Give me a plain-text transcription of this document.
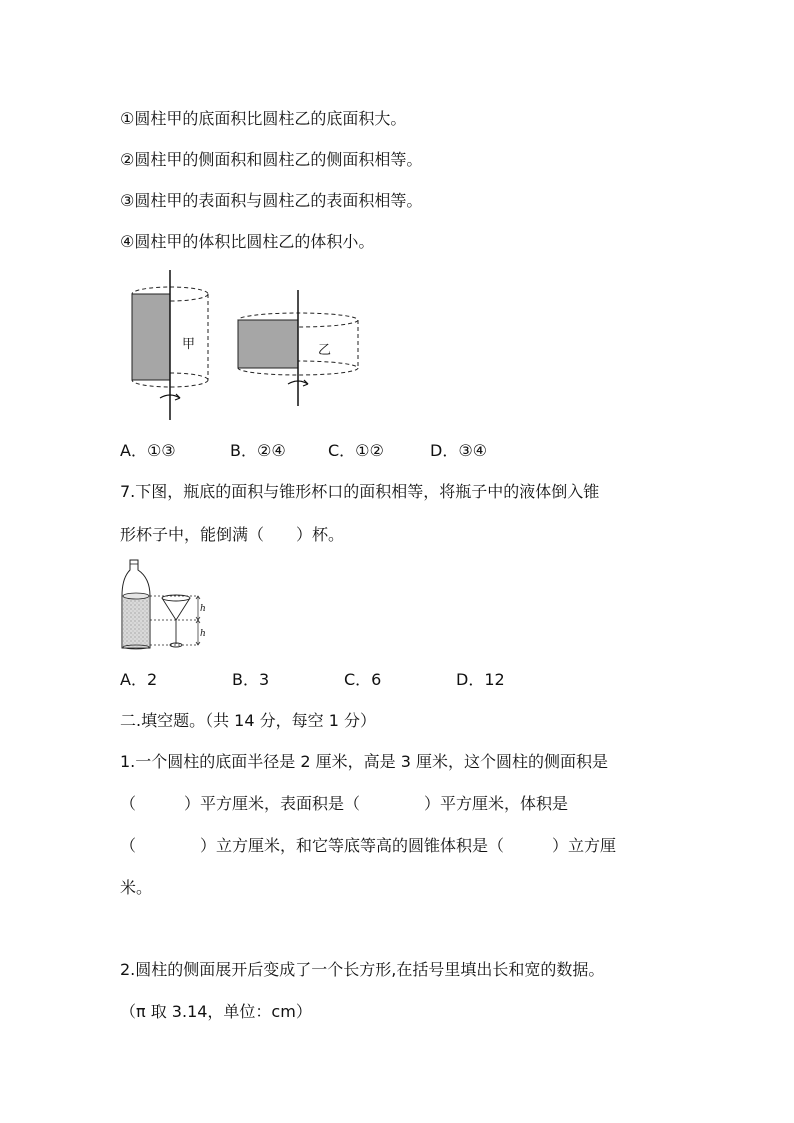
①圆柱甲的底面积比圆柱乙的底面积大。
②圆柱甲的侧面积和圆柱乙的侧面积相等。
③圆柱甲的表面积与圆柱乙的表面积相等。
④圆柱甲的体积比圆柱乙的体积小。
甲	乙
A．①③	B．②④	C．①②	D．③④
7.下图，瓶底的面积与锥形杯口的面积相等，将瓶子中的液体倒入锥
形杯子中，能倒满（　　）杯。
h
h
A．2	B．3	C．6	D．12
二.填空题。（共 14 分，每空 1 分）
1.一个圆柱的底面半径是 2 厘米，高是 3 厘米，这个圆柱的侧面积是
（　　　）平方厘米，表面积是（　　　　）平方厘米，体积是
（　　　　）立方厘米，和它等底等高的圆锥体积是（　　　）立方厘
米。
2.圆柱的侧面展开后变成了一个长方形,在括号里填出长和宽的数据。
（π 取 3.14，单位：cm）
